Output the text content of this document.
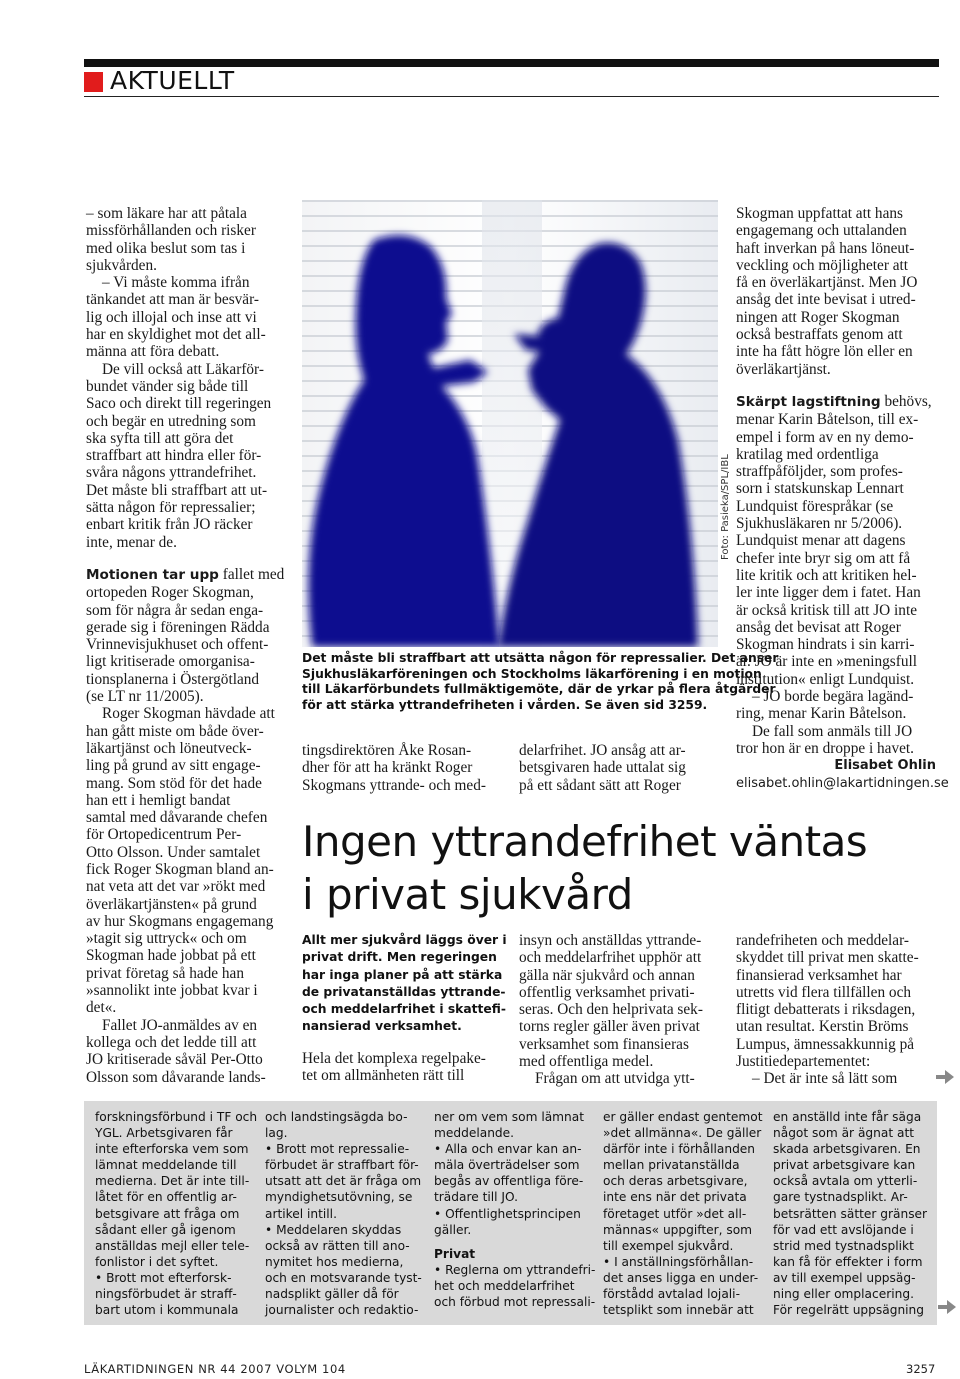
AKTUELLT
– som läkare har att påtala
missförhållanden och risker
med olika beslut som tas i
sjukvården.
– Vi måste komma ifrån
tänkandet att man är besvär-
lig och illojal och inse att vi
har en skyldighet mot det all-
männa att föra debatt.
De vill också att Läkarför-
bundet vänder sig både till
Saco och direkt till regeringen
och begär en utredning som
ska syfta till att göra det
straffbart att hindra eller för-
svåra någons yttrandefrihet.
Det måste bli straffbart att ut-
sätta någon för repressalier;
enbart kritik från JO räcker
inte, menar de.
Motionen tar upp fallet med
ortopeden Roger Skogman,
som för några år sedan enga-
gerade sig i föreningen Rädda
Vrinnevisjukhuset och offent-
ligt kritiserade omorganisa-
tionsplanerna i Östergötland
(se LT nr 11/2005).
Roger Skogman hävdade att
han gått miste om både över-
läkartjänst och löneutveck-
ling på grund av sitt engage-
mang. Som stöd för det hade
han ett i hemligt bandat
samtal med dåvarande chefen
för Ortopedicentrum Per-
Otto Olsson. Under samtalet
fick Roger Skogman bland an-
nat veta att det var »rökt med
överläkartjänsten« på grund
av hur Skogmans engagemang
»tagit sig uttryck« och om
Skogman hade jobbat på ett
privat företag så hade han
»sannolikt inte jobbat kvar i
det«.
Fallet JO-anmäldes av en
kollega och det ledde till att
JO kritiserade såväl Per-Otto
Olsson som dåvarande lands-
Foto: Pasieka/SPL/IBL
Det måste bli straffbart att utsätta någon för repressalier. Det anser
Sjukhusläkarföreningen och Stockholms läkarförening i en motion
till Läkarförbundets fullmäktigemöte, där de yrkar på flera åtgärder
för att stärka yttrandefriheten i vården. Se även sid 3259.
tingsdirektören Åke Rosan-
dher för att ha kränkt Roger
Skogmans yttrande- och med-
delarfrihet. JO ansåg att ar-
betsgivaren hade uttalat sig
på ett sådant sätt att Roger
Skogman uppfattat att hans
engagemang och uttalanden
haft inverkan på hans löneut-
veckling och möjligheter att
få en överläkartjänst. Men JO
ansåg det inte bevisat i utred-
ningen att Roger Skogman
också bestraffats genom att
inte ha fått högre lön eller en
överläkartjänst.
Skärpt lagstiftning behövs,
menar Karin Båtelson, till ex-
empel i form av en ny demo-
kratilag med ordentliga
straffpåföljder, som profes-
sorn i statskunskap Lennart
Lundquist förespråkar (se
Sjukhusläkaren nr 5/2006).
Lundquist menar att dagens
chefer inte bryr sig om att få
lite kritik och att kritiken hel-
ler inte ligger dem i fatet. Han
är också kritisk till att JO inte
ansåg det bevisat att Roger
Skogman hindrats i sin karri-
är. JO är inte en »meningsfull
institution« enligt Lundquist.
– JO borde begära lagänd-
ring, menar Karin Båtelson.
De fall som anmäls till JO
tror hon är en droppe i havet.
Elisabet Ohlin
elisabet.ohlin@lakartidningen.se
Ingen yttrandefrihet väntas
i privat sjukvård
Allt mer sjukvård läggs över i
privat drift. Men regeringen
har inga planer på att stärka
de privatanställdas yttrande-
och meddelarfrihet i skattefi-
nansierad verksamhet.
Hela det komplexa regelpake-
tet om allmänheten rätt till
insyn och anställdas yttrande-
och meddelarfrihet upphör att
gälla när sjukvård och annan
offentlig verksamhet privati-
seras. Och den helprivata sek-
torns regler gäller även privat
verksamhet som finansieras
med offentliga medel.
Frågan om att utvidga ytt-
randefriheten och meddelar-
skyddet till privat men skatte-
finansierad verksamhet har
utretts vid flera tillfällen och
flitigt debatterats i riksdagen,
utan resultat. Kerstin Bröms
Lumpus, ämnessakkunnig på
Justitiedepartementet:
– Det är inte så lätt som
forskningsförbund i TF och
YGL. Arbetsgivaren får
inte efterforska vem som
lämnat meddelande till
medierna. Det är inte till-
låtet för en offentlig ar-
betsgivare att fråga om
sådant eller gå igenom
anställdas mejl eller tele-
fonlistor i det syftet.
• Brott mot efterforsk-
ningsförbudet är straff-
bart utom i kommunala
och landstingsägda bo-
lag.
• Brott mot repressalie-
förbudet är straffbart för-
utsatt att det är fråga om
myndighetsutövning, se
artikel intill.
• Meddelaren skyddas
också av rätten till ano-
nymitet hos medierna,
och en motsvarande tyst-
nadsplikt gäller då för
journalister och redaktio-
ner om vem som lämnat
meddelande.
• Alla och envar kan an-
mäla överträdelser som
begås av offentliga före-
trädare till JO.
• Offentlighetsprincipen
gäller.
Privat
• Reglerna om yttrandefri-
het och meddelarfrihet
och förbud mot repressali-
er gäller endast gentemot
»det allmänna«. De gäller
därför inte i förhållanden
mellan privatanställda
och deras arbetsgivare,
inte ens när det privata
företaget utför »det all-
männas« uppgifter, som
till exempel sjukvård.
• I anställningsförhållan-
det anses ligga en under-
förstådd avtalad lojali-
tetsplikt som innebär att
en anställd inte får säga
något som är ägnat att
skada arbetsgivaren. En
privat arbetsgivare kan
också avtala om ytterli-
gare tystnadsplikt. Ar-
betsrätten sätter gränser
för vad ett avslöjande i
strid med tystnadsplikt
kan få för effekter i form
av till exempel uppsäg-
ning eller omplacering.
För regelrätt uppsägning
LÄKARTIDNINGEN NR 44 2007 VOLYM 104	3257
